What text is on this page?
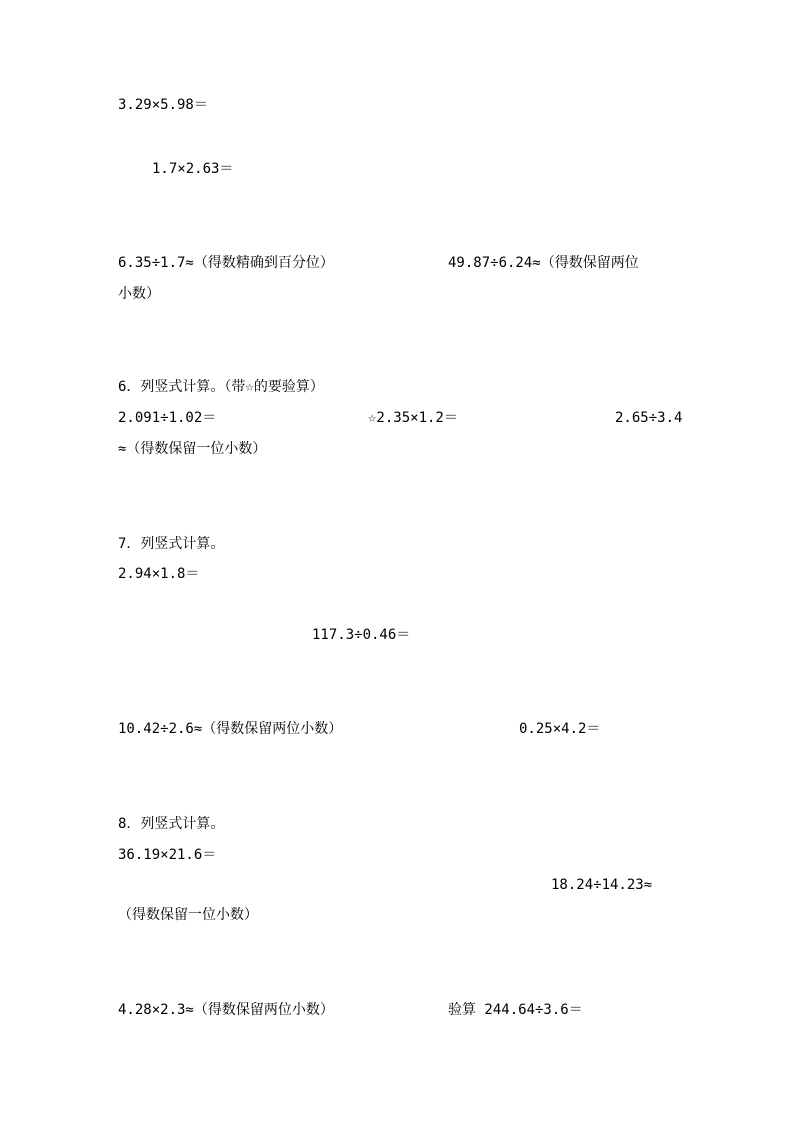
3.29×5.98＝
1.7×2.63＝
6.35÷1.7≈（得数精确到百分位）	49.87÷6.24≈（得数保留两位
小数）
6．列竖式计算。（带☆的要验算）
2.091÷1.02＝	☆2.35×1.2＝	2.65÷3.4
≈（得数保留一位小数）
7．列竖式计算。
2.94×1.8＝
117.3÷0.46＝
10.42÷2.6≈（得数保留两位小数）	0.25×4.2＝
8．列竖式计算。
36.19×21.6＝
18.24÷14.23≈
（得数保留一位小数）
4.28×2.3≈（得数保留两位小数）	验算 244.64÷3.6＝
